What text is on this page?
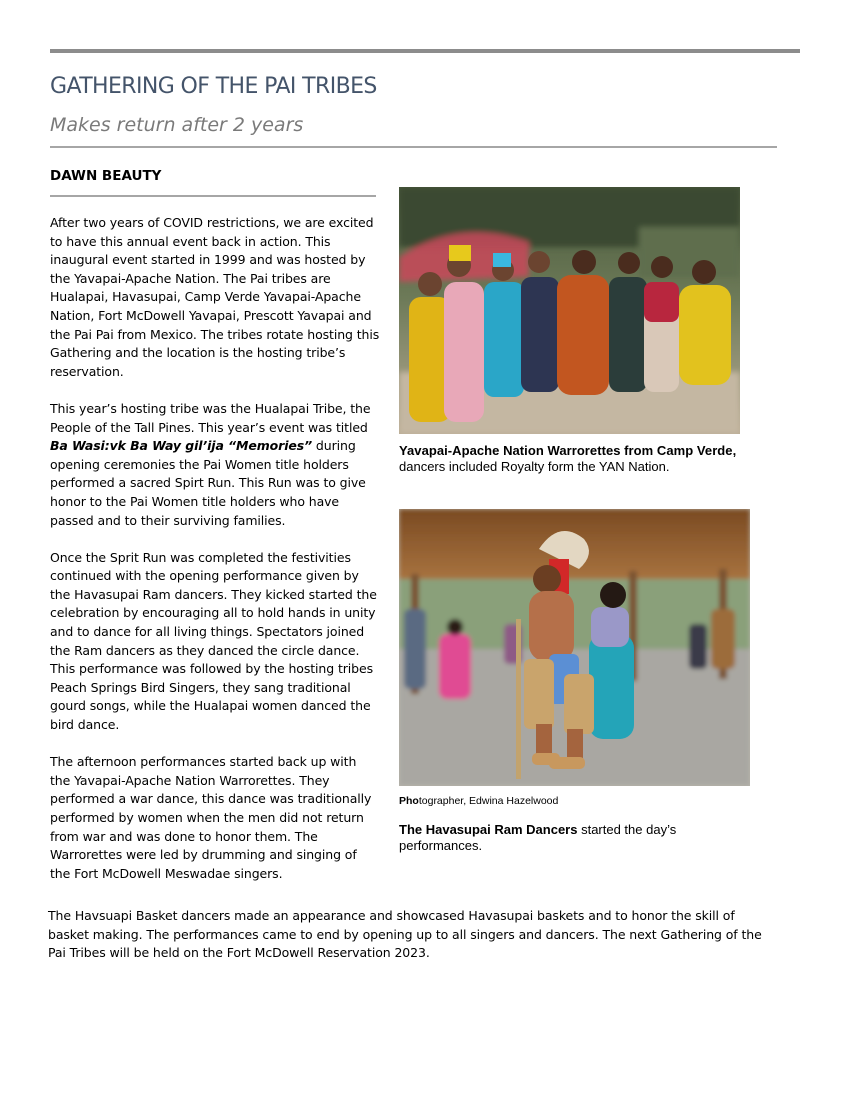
GATHERING OF THE PAI TRIBES
Makes return after 2 years
DAWN BEAUTY

After two years of COVID restrictions, we are excited to have this annual event back in action. This inaugural event started in 1999 and was hosted by the Yavapai-Apache Nation. The Pai tribes are Hualapai, Havasupai, Camp Verde Yavapai-Apache Nation, Fort McDowell Yavapai, Prescott Yavapai and the Pai Pai from Mexico. The tribes rotate hosting this Gathering and the location is the hosting tribe’s reservation.

This year’s hosting tribe was the Hualapai Tribe, the People of the Tall Pines. This year’s event was titled Ba Wasi:vk Ba Way gil’ija “Memories” during opening ceremonies the Pai Women title holders performed a sacred Spirt Run. This Run was to give honor to the Pai Women title holders who have passed and to their surviving families.

Once the Sprit Run was completed the festivities continued with the opening performance given by the Havasupai Ram dancers. They kicked started the celebration by encouraging all to hold hands in unity and to dance for all living things. Spectators joined the Ram dancers as they danced the circle dance. This performance was followed by the hosting tribes Peach Springs Bird Singers, they sang traditional gourd songs, while the Hualapai women danced the bird dance.

The afternoon performances started back up with the Yavapai-Apache Nation Warrorettes. They performed a war dance, this dance was traditionally performed by women when the men did not return from war and was done to honor them. The Warrorettes were led by drumming and singing of the Fort McDowell Meswadae singers.

The Havsuapi Basket dancers made an appearance and showcased Havasupai baskets and to honor the skill of basket making. The performances came to end by opening up to all singers and dancers. The next Gathering of the Pai Tribes will be held on the Fort McDowell Reservation 2023.

Yavapai-Apache Nation Warrorettes from Camp Verde,
dancers included Royalty form the YAN Nation.
Photographer, Edwina Hazelwood
The Havasupai Ram Dancers started the day’s performances.
